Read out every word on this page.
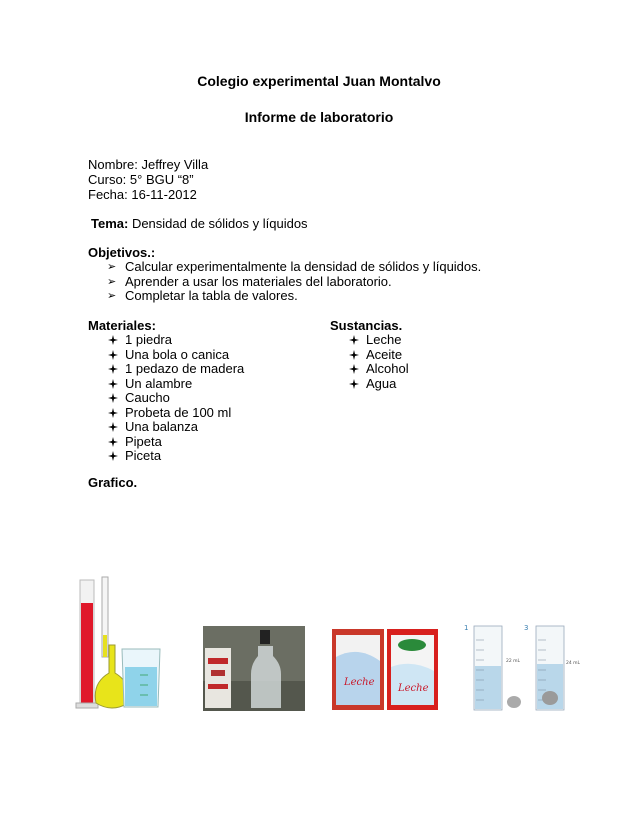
Colegio experimental Juan Montalvo
Informe de laboratorio
Nombre: Jeffrey Villa
Curso: 5° BGU “8”
Fecha: 16-11-2012
Tema: Densidad de sólidos y líquidos
Objetivos.:
➢ Calcular experimentalmente la densidad de sólidos y líquidos.
➢ Aprender a usar los materiales del laboratorio.
➢ Completar la tabla de valores.
Materiales:	Sustancias.
1 piedra
Una bola o canica
1 pedazo de madera
Un alambre
Caucho
Probeta de 100 ml
Una balanza
Pipeta
Piceta
Leche
Aceite
Alcohol
Agua
Grafico.
Leche
Leche
1
22 mL
3
24 mL
